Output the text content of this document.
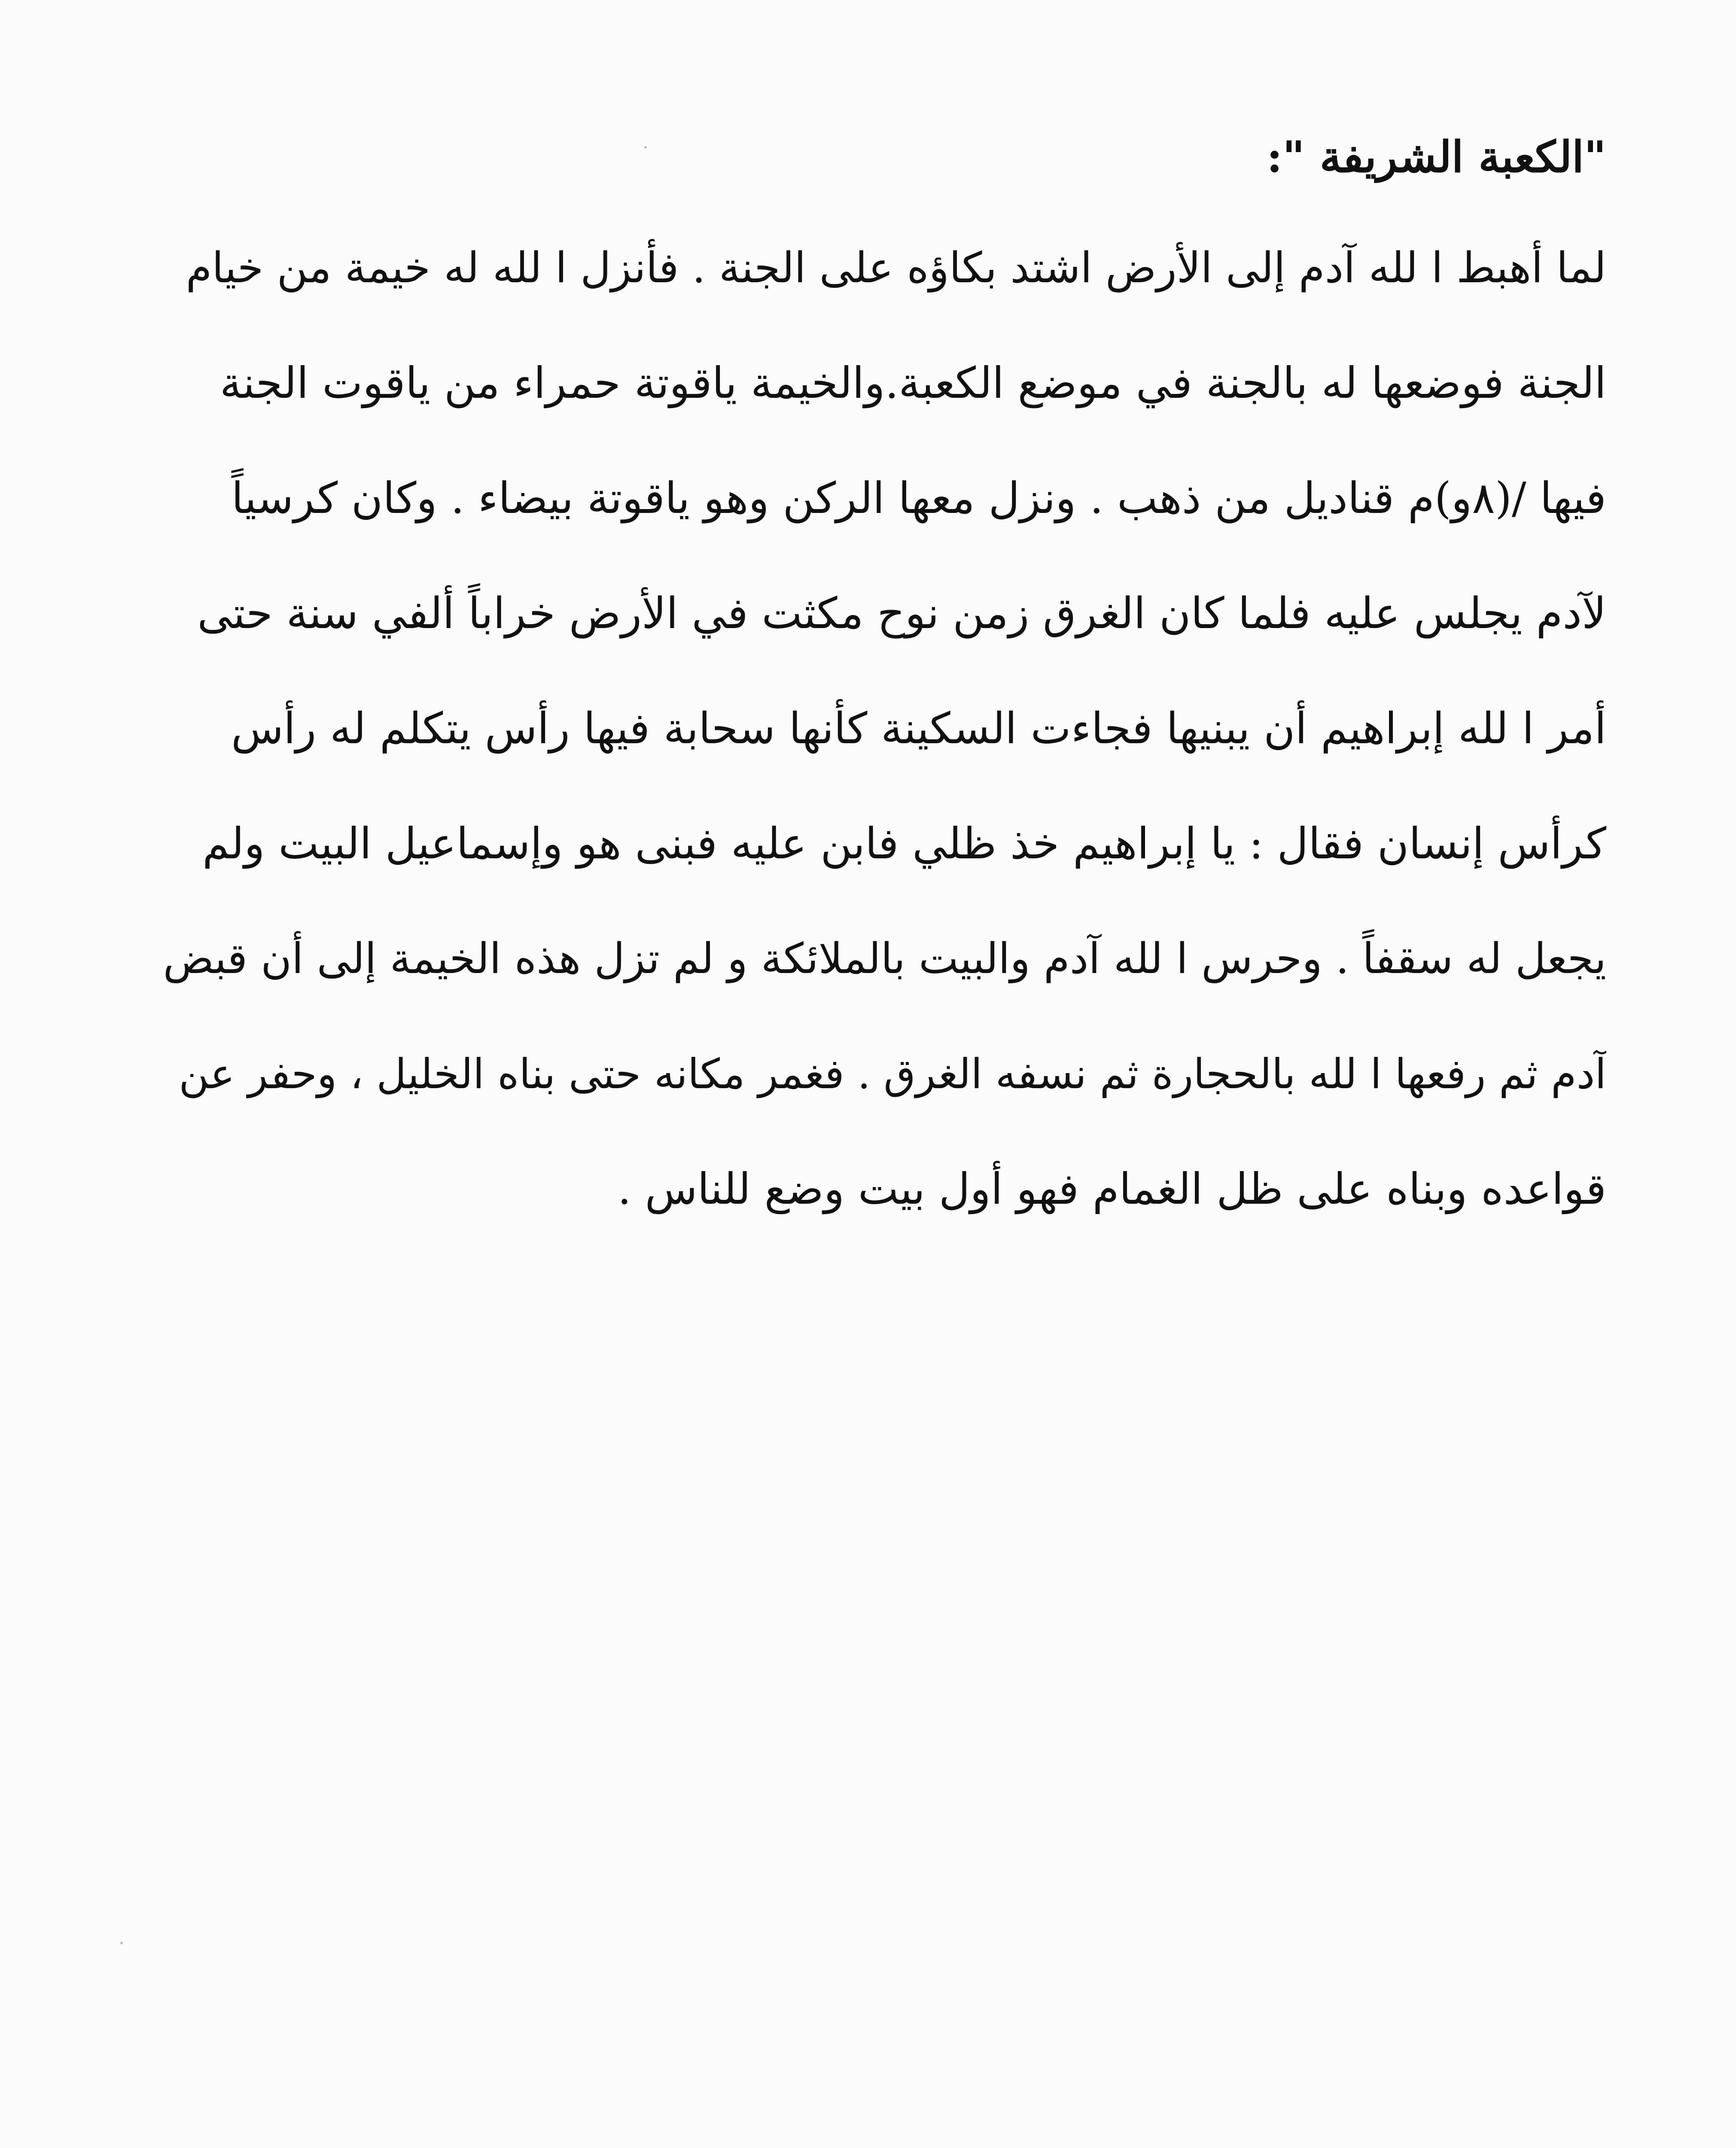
"الكعبة الشريفة ":
لما أهبط ا لله آدم إلى الأرض اشتد بكاؤه على الجنة . فأنزل ا لله له خيمة من خيام
الجنة فوضعها له بالجنة في موضع الكعبة.والخيمة ياقوتة حمراء من ياقوت الجنة
فيها /(٨و)م قناديل من ذهب . ونزل معها الركن وهو ياقوتة بيضاء . وكان كرسياً
لآدم يجلس عليه فلما كان الغرق زمن نوح مكثت في الأرض خراباً ألفي سنة حتى
أمر ا لله إبراهيم أن يبنيها فجاءت السكينة كأنها سحابة فيها رأس يتكلم له رأس
كرأس إنسان فقال : يا إبراهيم خذ ظلي فابن عليه فبنى هو وإسماعيل البيت ولم
يجعل له سقفاً . وحرس ا لله آدم والبيت بالملائكة و لم تزل هذه الخيمة إلى أن قبض
آدم ثم رفعها ا لله بالحجارة ثم نسفه الغرق . فغمر مكانه حتى بناه الخليل ، وحفر عن
قواعده وبناه على ظل الغمام فهو أول بيت وضع للناس .
